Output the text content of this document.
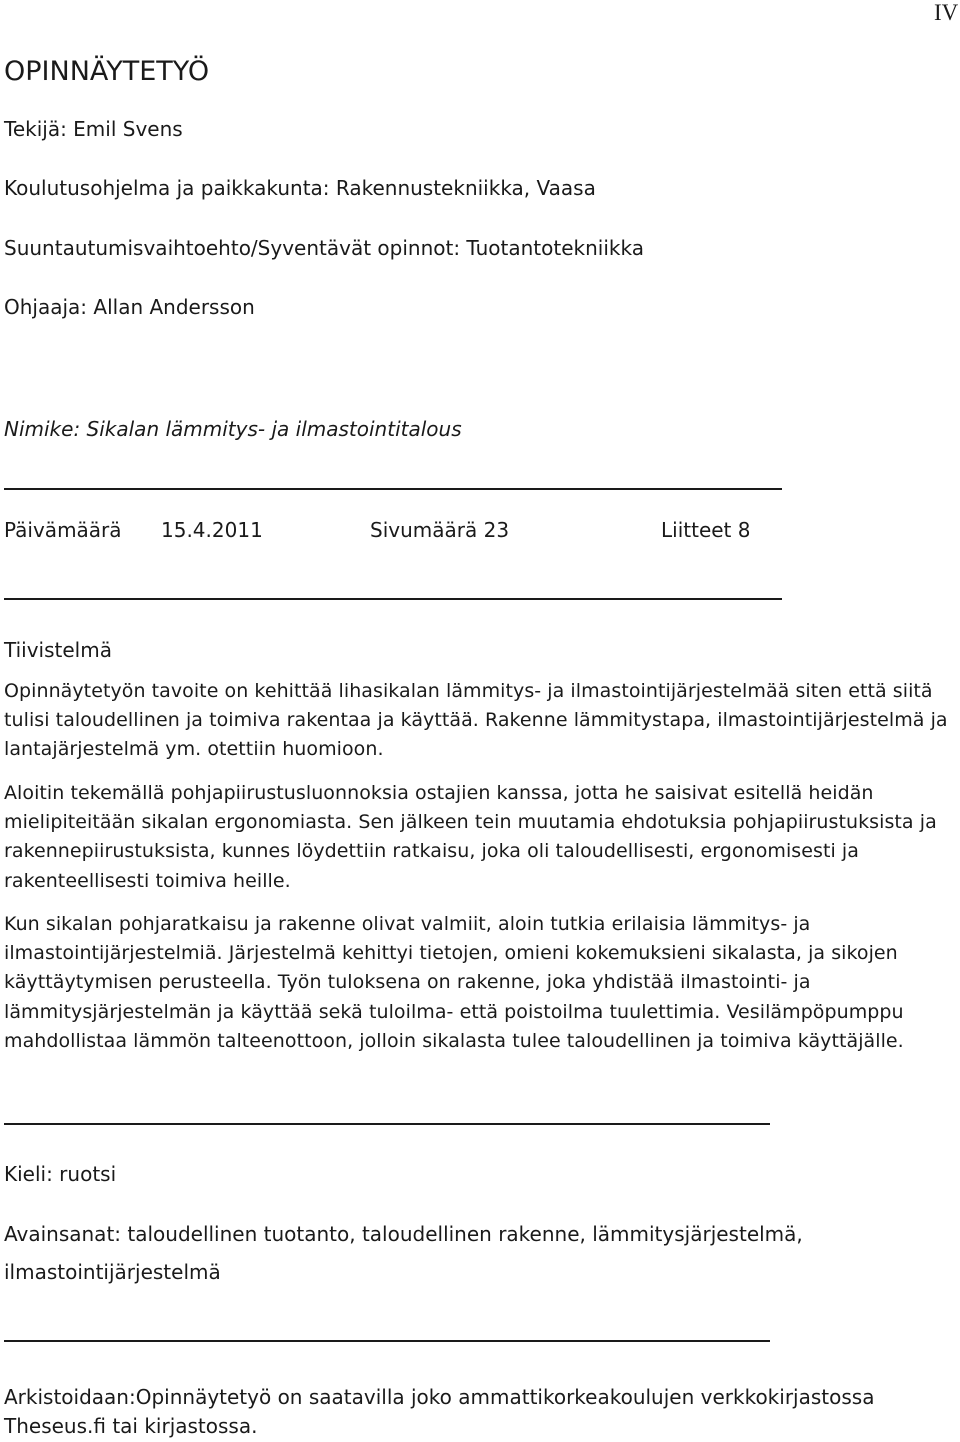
IV
OPINNÄYTETYÖ
Tekijä: Emil Svens
Koulutusohjelma ja paikkakunta: Rakennustekniikka, Vaasa
Suuntautumisvaihtoehto/Syventävät opinnot: Tuotantotekniikka
Ohjaaja: Allan Andersson
Nimike: Sikalan lämmitys- ja ilmastointitalous
Päivämäärä 15.4.2011	Sivumäärä 23	Liitteet 8
Tiivistelmä

Opinnäytetyön tavoite on kehittää lihasikalan lämmitys- ja ilmastointijärjestelmää siten että siitä tulisi taloudellinen ja toimiva rakentaa ja käyttää. Rakenne lämmitystapa, ilmastointijärjestelmä ja lantajärjestelmä ym. otettiin huomioon.

Aloitin tekemällä pohjapiirustusluonnoksia ostajien kanssa, jotta he saisivat esitellä heidän mielipiteitään sikalan ergonomiasta. Sen jälkeen tein muutamia ehdotuksia pohjapiirustuksista ja rakennepiirustuksista, kunnes löydettiin ratkaisu, joka oli taloudellisesti, ergonomisesti ja rakenteellisesti toimiva heille.

Kun sikalan pohjaratkaisu ja rakenne olivat valmiit, aloin tutkia erilaisia lämmitys- ja ilmastointijärjestelmiä. Järjestelmä kehittyi tietojen, omieni kokemuksieni sikalasta, ja sikojen käyttäytymisen perusteella. Työn tuloksena on rakenne, joka yhdistää ilmastointi- ja lämmitysjärjestelmän ja käyttää sekä tuloilma- että poistoilma tuulettimia. Vesilämpöpumppu mahdollistaa lämmön talteenottoon, jolloin sikalasta tulee taloudellinen ja toimiva käyttäjälle.

Kieli: ruotsi

Avainsanat: taloudellinen tuotanto, taloudellinen rakenne, lämmitysjärjestelmä, ilmastointijärjestelmä

Arkistoidaan:Opinnäytetyö on saatavilla joko ammattikorkeakoulujen verkkokirjastossa Theseus.fi tai kirjastossa.
